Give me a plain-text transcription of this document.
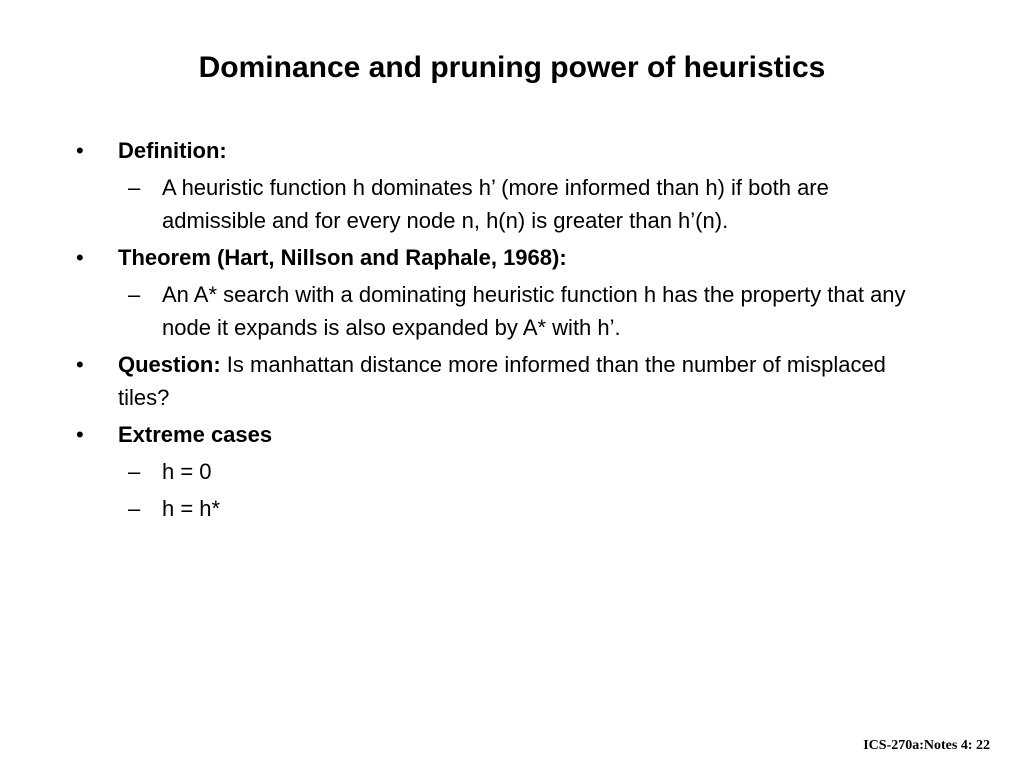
Dominance and pruning power of heuristics
•	Definition:
– A heuristic function h dominates h’ (more informed than h) if both are admissible and for every node n, h(n) is greater than h’(n).
•	Theorem (Hart, Nillson and Raphale, 1968):
– An A* search with a dominating heuristic function h has the property that any node it expands is also expanded by A* with h’.
•	Question: Is manhattan distance more informed than the number of misplaced tiles?
•	Extreme cases
– h = 0
– h = h*
ICS-270a:Notes 4: 22
